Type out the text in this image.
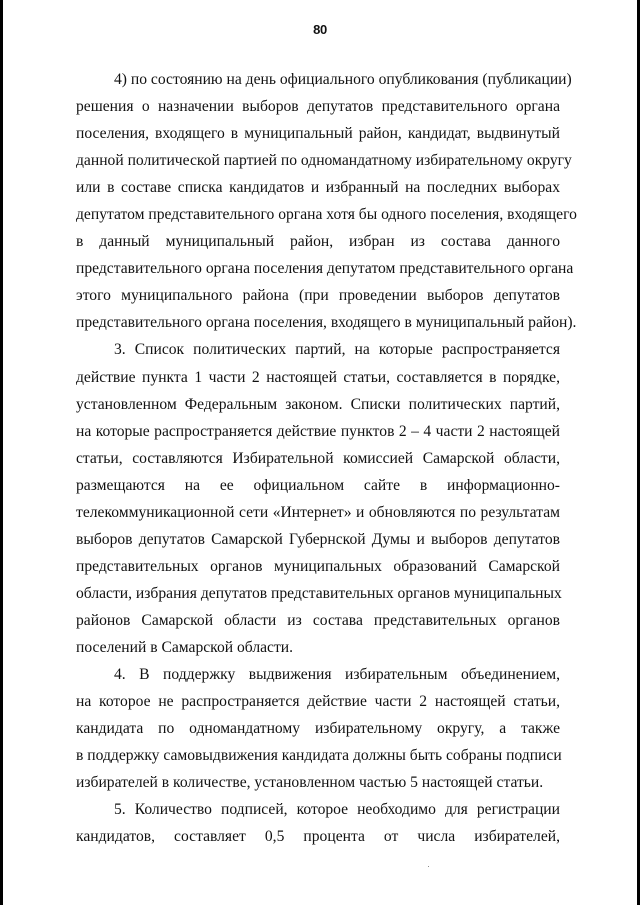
80
4) по состоянию на день официального опубликования (публикации)
решения о назначении выборов депутатов представительного органа
поселения, входящего в муниципальный район, кандидат, выдвинутый
данной политической партией по одномандатному избирательному округу
или в составе списка кандидатов и избранный на последних выборах
депутатом представительного органа хотя бы одного поселения, входящего
в данный муниципальный район, избран из состава данного
представительного органа поселения депутатом представительного органа
этого муниципального района (при проведении выборов депутатов
представительного органа поселения, входящего в муниципальный район).
3. Список политических партий, на которые распространяется
действие пункта 1 части 2 настоящей статьи, составляется в порядке,
установленном Федеральным законом. Списки политических партий,
на которые распространяется действие пунктов 2 – 4 части 2 настоящей
статьи, составляются Избирательной комиссией Самарской области,
размещаются на ее официальном сайте в информационно-
телекоммуникационной сети «Интернет» и обновляются по результатам
выборов депутатов Самарской Губернской Думы и выборов депутатов
представительных органов муниципальных образований Самарской
области, избрания депутатов представительных органов муниципальных
районов Самарской области из состава представительных органов
поселений в Самарской области.
4. В поддержку выдвижения избирательным объединением,
на которое не распространяется действие части 2 настоящей статьи,
кандидата по одномандатному избирательному округу, а также
в поддержку самовыдвижения кандидата должны быть собраны подписи
избирателей в количестве, установленном частью 5 настоящей статьи.
5. Количество подписей, которое необходимо для регистрации
кандидатов, составляет 0,5 процента от числа избирателей,
